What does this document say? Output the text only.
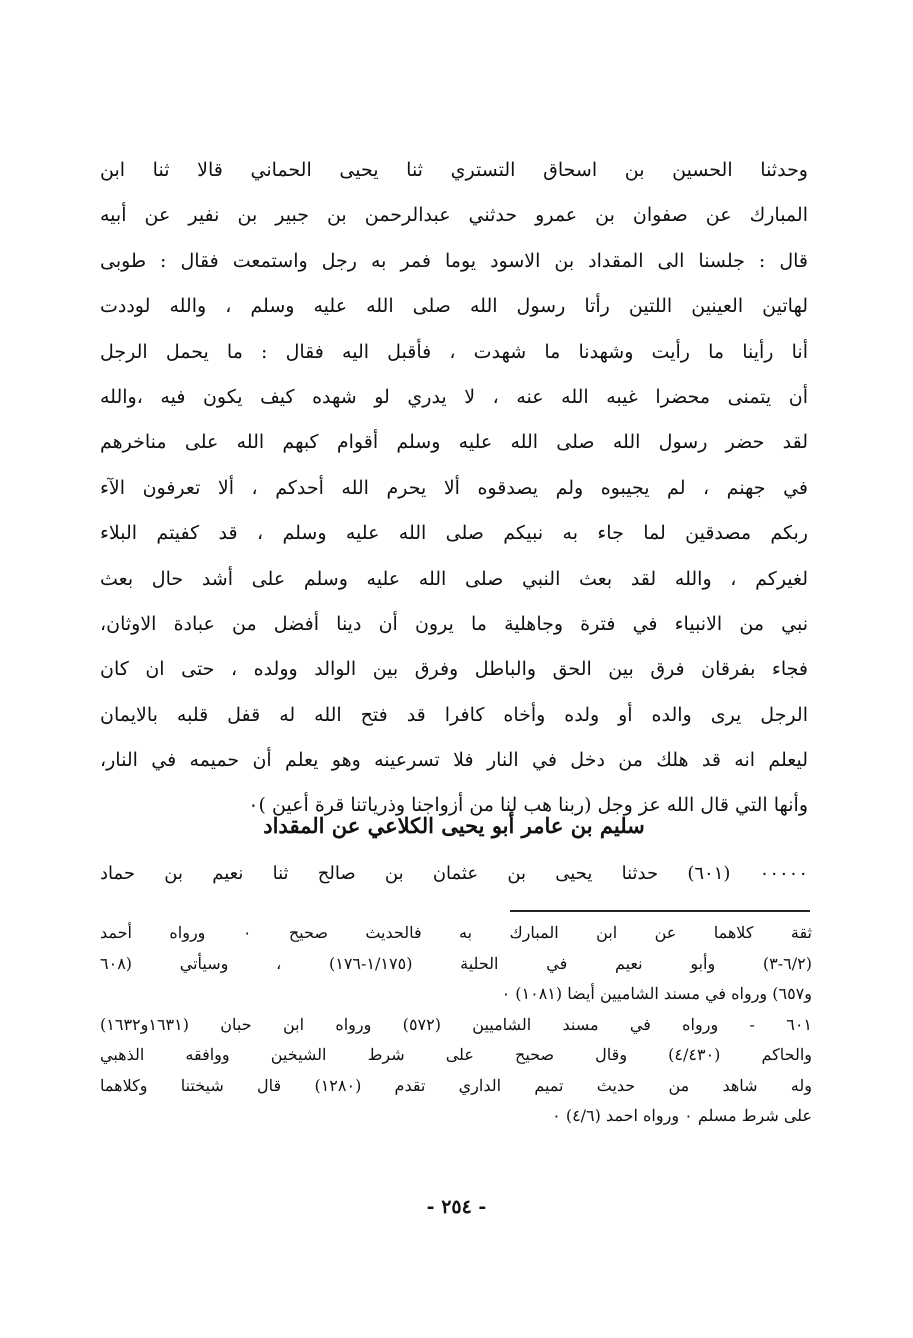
وحدثنا الحسين بن اسحاق التستري ثنا يحيى الحماني قالا ثنا ابن
المبارك عن صفوان بن عمرو حدثني عبدالرحمن بن جبير بن نفير عن أبيه
قال : جلسنا الى المقداد بن الاسود يوما فمر به رجل واستمعت فقال : طوبى
لهاتين العينين اللتين رأتا رسول الله صلى الله عليه وسلم ، والله لوددت
أنا رأينا ما رأيت وشهدنا ما شهدت ، فأقبل اليه فقال : ما يحمل الرجل
أن يتمنى محضرا غيبه الله عنه ، لا يدري لو شهده كيف يكون فيه ،والله
لقد حضر رسول الله صلى الله عليه وسلم أقوام كبهم الله على مناخرهم
في جهنم ، لم يجيبوه ولم يصدقوه ألا يحرم الله أحدكم ، ألا تعرفون الآء
ربكم مصدقين لما جاء به نبيكم صلى الله عليه وسلم ، قد كفيتم البلاء
لغيركم ، والله لقد بعث النبي صلى الله عليه وسلم على أشد حال بعث
نبي من الانبياء في فترة وجاهلية ما يرون أن دينا أفضل من عبادة الاوثان،
فجاء بفرقان فرق بين الحق والباطل وفرق بين الوالد وولده ، حتى ان كان
الرجل يرى والده أو ولده وأخاه كافرا قد فتح الله له قفل قلبه بالايمان
ليعلم انه قد هلك من دخل في النار فلا تسرعينه وهو يعلم أن حميمه في النار،
وأنها التي قال الله عز وجل (ربنا هب لنا من أزواجنا وذرياتنا قرة أعين )٠
سليم بن عامر أبو يحيى الكلاعي عن المقداد
٠٠٠٠٠ (٦٠١) حدثنا يحيى بن عثمان بن صالح ثنا نعيم بن حماد
ثقة كلاهما عن ابن المبارك به فالحديث صحيح ٠ ورواه أحمد
(٦/٢-٣) وأبو نعيم في الحلية (١/١٧٥-١٧٦) ، وسيأتي (٦٠٨
و٦٥٧) ورواه في مسند الشاميين أيضا (١٠٨١) ٠
٦٠١ - ورواه في مسند الشاميين (٥٧٢) ورواه ابن حبان (١٦٣١و١٦٣٢)
والحاكم (٤/٤٣٠) وقال صحيح على شرط الشيخين ووافقه الذهبي
وله شاهد من حديث تميم الداري تقدم (١٢٨٠) قال شيختنا وكلاهما
على شرط مسلم ٠ ورواه احمد (٤/٦) ٠
- ٢٥٤ -
